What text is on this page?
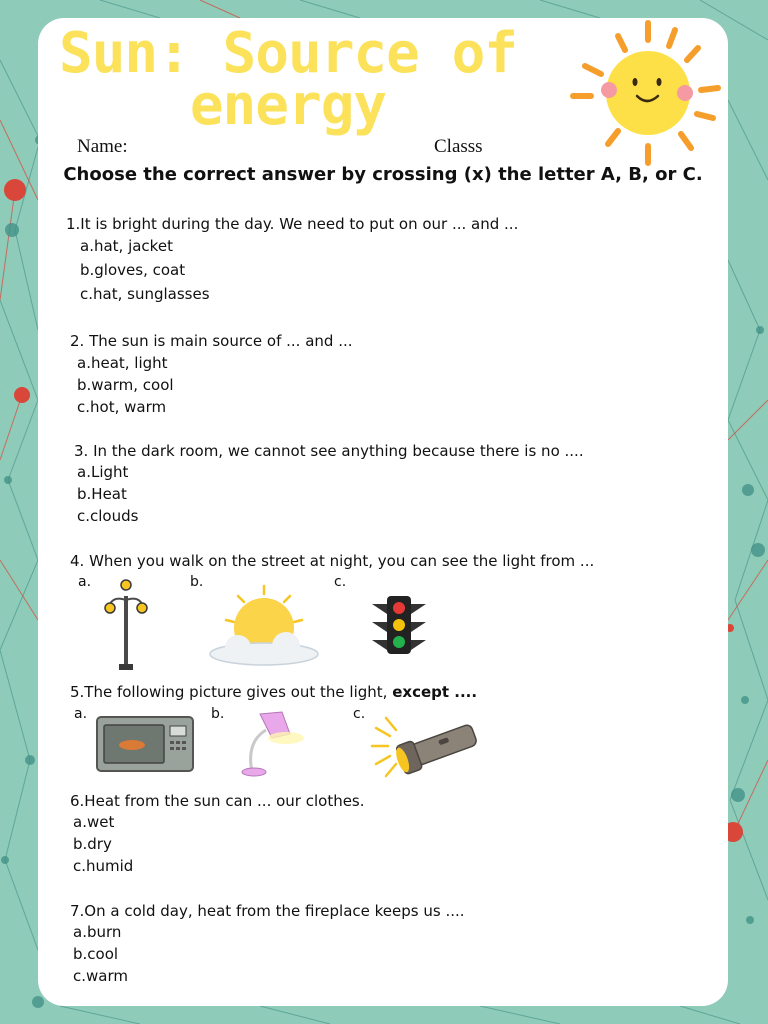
Sun: Source of
energy
Name:	Classs
Choose the correct answer by crossing (x) the letter A, B, or C.
1.It is bright during the day. We need to put on our ... and ...
a.hat, jacket
b.gloves, coat
c.hat, sunglasses
2. The sun is main source of ... and ...
a.heat, light
b.warm, cool
c.hot, warm
3. In the dark room, we cannot see anything because there is no ....
a.Light
b.Heat
c.clouds
4. When you walk on the street at night, you can see the light from ...
a.	b.	c.
5.The following picture gives out the light, except ....
a.	b.	c.
6.Heat from the sun can ... our clothes.
a.wet
b.dry
c.humid
7.On a cold day, heat from the fireplace keeps us ....
a.burn
b.cool
c.warm
